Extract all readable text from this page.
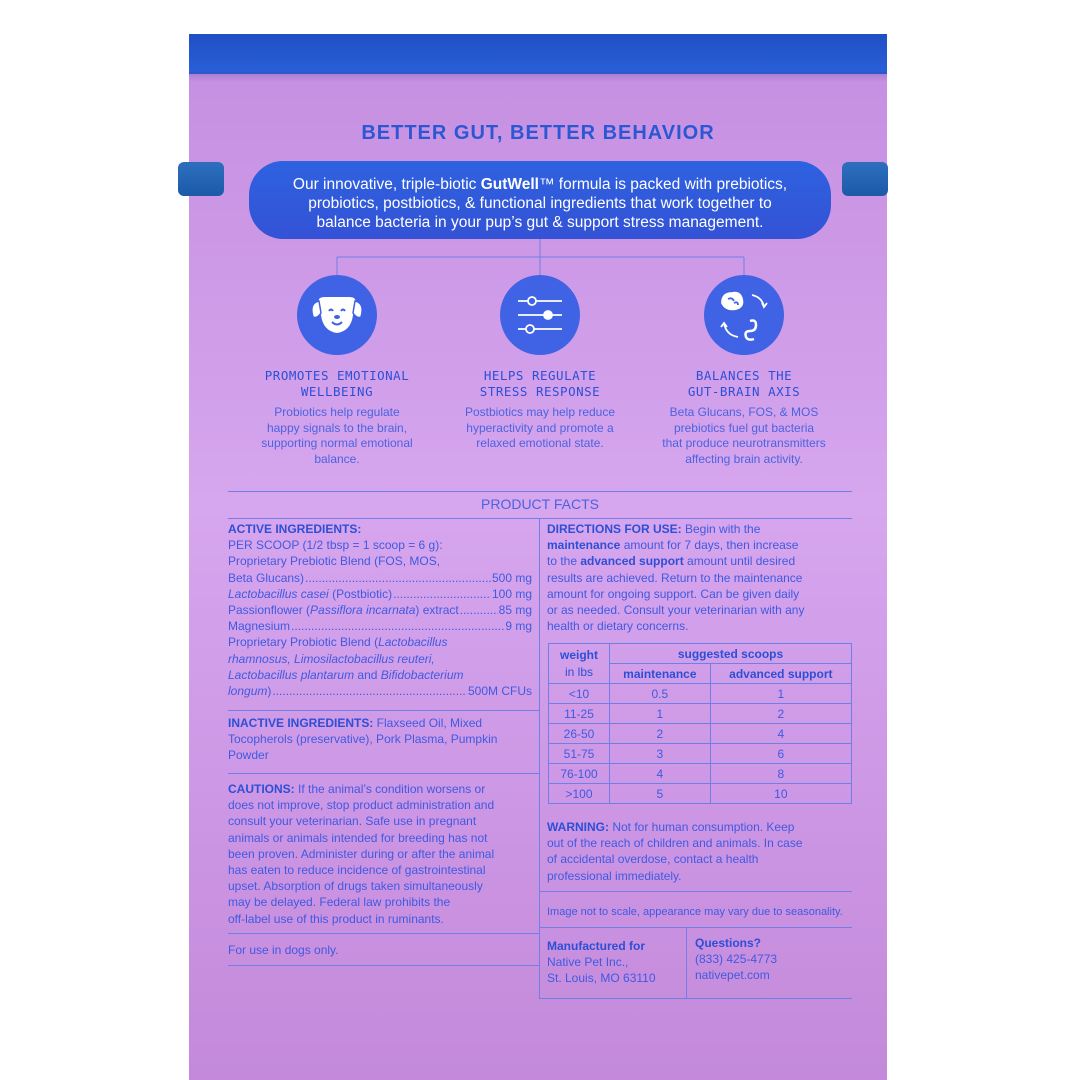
BETTER GUT, BETTER BEHAVIOR
Our innovative, triple-biotic GutWell™ formula is packed with prebiotics,
probiotics, postbiotics, & functional ingredients that work together to
balance bacteria in your pup’s gut & support stress management.
PROMOTES EMOTIONAL
WELLBEING
Probiotics help regulate
happy signals to the brain,
supporting normal emotional
balance.
HELPS REGULATE
STRESS RESPONSE
Postbiotics may help reduce
hyperactivity and promote a
relaxed emotional state.
BALANCES THE
GUT-BRAIN AXIS
Beta Glucans, FOS, & MOS
prebiotics fuel gut bacteria
that produce neurotransmitters
affecting brain activity.
PRODUCT FACTS
ACTIVE INGREDIENTS:
PER SCOOP (1/2 tbsp = 1 scoop = 6 g):
Proprietary Prebiotic Blend (FOS, MOS,
Beta Glucans) .....	500 mg
Lactobacillus casei (Postbiotic) .....	100 mg
Passionflower (Passiflora incarnata) extract .....	85 mg
Magnesium .....	9 mg
Proprietary Probiotic Blend (Lactobacillus
rhamnosus, Limosilactobacillus reuteri,
Lactobacillus plantarum and Bifidobacterium
longum) .....	500M CFUs
INACTIVE INGREDIENTS: Flaxseed Oil, Mixed
Tocopherols (preservative), Pork Plasma, Pumpkin
Powder
CAUTIONS: If the animal’s condition worsens or
does not improve, stop product administration and
consult your veterinarian. Safe use in pregnant
animals or animals intended for breeding has not
been proven. Administer during or after the animal
has eaten to reduce incidence of gastrointestinal
upset. Absorption of drugs taken simultaneously
may be delayed. Federal law prohibits the
off-label use of this product in ruminants.
For use in dogs only.
DIRECTIONS FOR USE: Begin with the
maintenance amount for 7 days, then increase
to the advanced support amount until desired
results are achieved. Return to the maintenance
amount for ongoing support. Can be given daily
or as needed. Consult your veterinarian with any
health or dietary concerns.
weight
in lbs	suggested scoops	
	maintenance	advanced support
<10	0.5	1
11-25	1	2
26-50	2	4
51-75	3	6
76-100	4	8
>100	5	10
WARNING: Not for human consumption. Keep
out of the reach of children and animals. In case
of accidental overdose, contact a health
professional immediately.
Image not to scale, appearance may vary due to seasonality.
Manufactured for
Native Pet Inc.,
St. Louis, MO 63110
Questions?
(833) 425-4773
nativepet.com
